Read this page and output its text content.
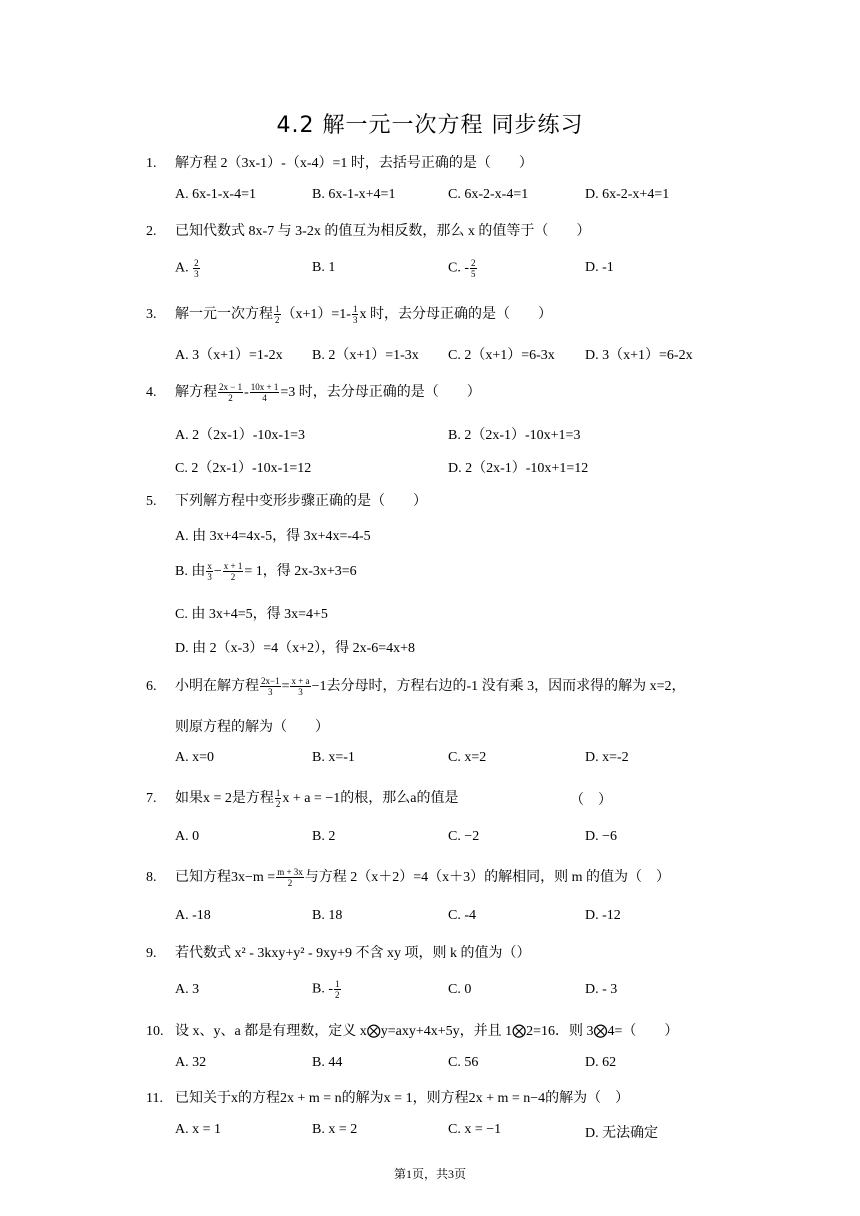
4.2 解一元一次方程 同步练习
1. 解方程 2（3x-1）-（x-4）=1 时，去括号正确的是（　　）
A. 6x-1-x-4=1	B. 6x-1-x+4=1	C. 6x-2-x-4=1	D. 6x-2-x+4=1
2. 已知代数式 8x-7 与 3-2x 的值互为相反数，那么 x 的值等于（　　）
A. $\frac{2}{3}$	B. 1	C. - $\frac{2}{5}$	D. -1
3. 解一元一次方程 $\frac{1}{2} (x+1)=1- \frac{1}{3}$ x 时，去分母正确的是（　　）
A. 3（x+1）=1-2x B. 2（x+1）=1-3x C. 2（x+1）=6-3x D. 3（x+1）=6-2x
4. 解方程 $\frac{2x - 1}{2} - \frac{10x + 1}{4} =3$ 时，去分母正确的是（　　）
A. 2（2x-1）-10x-1=3	B. 2（2x-1）-10x+1=3
C. 2（2x-1）-10x-1=12	D. 2（2x-1）-10x+1=12
5. 下列解方程中变形步骤正确的是（　　）
A. 由 3x+4=4x-5，得 3x+4x=-4-5
B. 由 $\frac{x}{3} - \frac{x + 1}{2} = 1$，得 2x-3x+3=6
C. 由 3x+4=5，得 3x=4+5
D. 由 2（x-3）=4（x+2），得 2x-6=4x+8
6. 小明在解方程 $\frac{2x-1}{3} = \frac{x + a}{3} -1$去分母时，方程右边的-1 没有乘 3，因而求得的解为 x=2，
则原方程的解为（　　）
A. x=0	B. x=-1	C. x=2	D. x=-2
7. 如果x = 2是方程 $\frac{1}{2}$ x + a = −1的根，那么a的值是	（　）
A. 0	B. 2	C. −2	D. −6
8. 已知方程$3x-m = \frac{m + 3x}{2}$ 与方程 2（x＋2）=4（x＋3）的解相同，则 m 的值为（　）
A. -18	B. 18	C. -4	D. -12
9. 若代数式 x² - 3kxy+y² - 9xy+9 不含 xy 项，则 k 的值为（）
A. 3	B. - $\frac{1}{2}$	C. 0	D. - 3
10. 设 x、y、a 都是有理数，定义 x⨂y=axy+4x+5y，并且 1⨂2=16．则 3⨂4=（　　）
A. 32	B. 44	C. 56	D. 62
11. 已知关于x的方程2x + m = n的解为x = 1，则方程2x + m = n−4的解为（　）
A. x = 1	B. x = 2	C. x = −1	D. 无法确定
第1页，共3页
